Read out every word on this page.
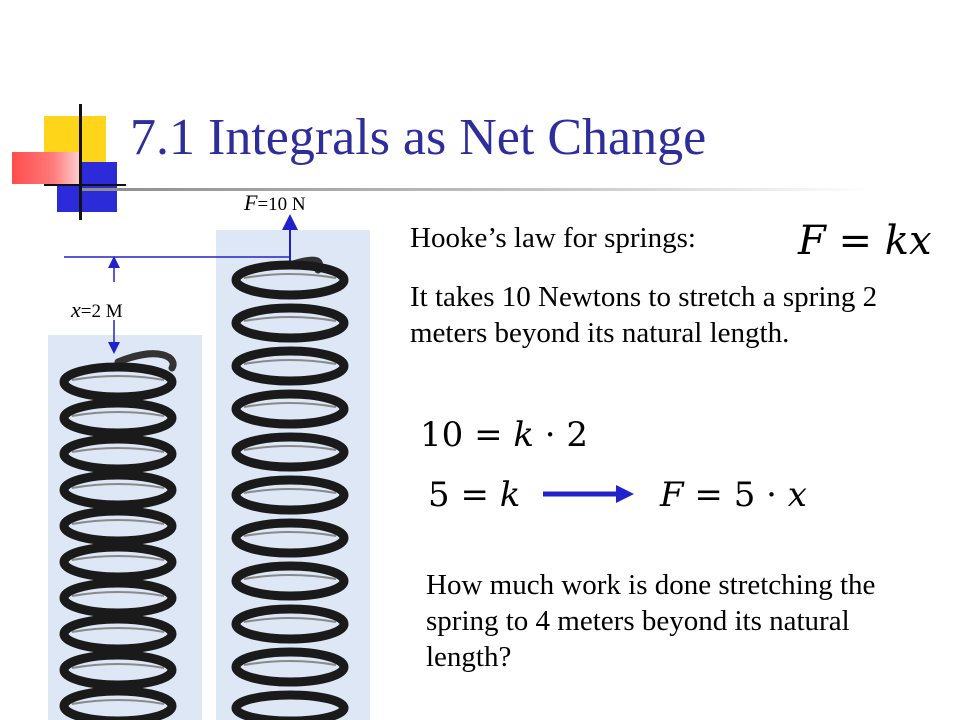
7.1 Integrals as Net Change
F=10 N
x=2 M
Hooke’s law for springs:	F = kx
It takes 10 Newtons to stretch a spring 2 meters beyond its natural length.
10 = k · 2
5 = k	F = 5 · x
How much work is done stretching the spring to 4 meters beyond its natural length?
